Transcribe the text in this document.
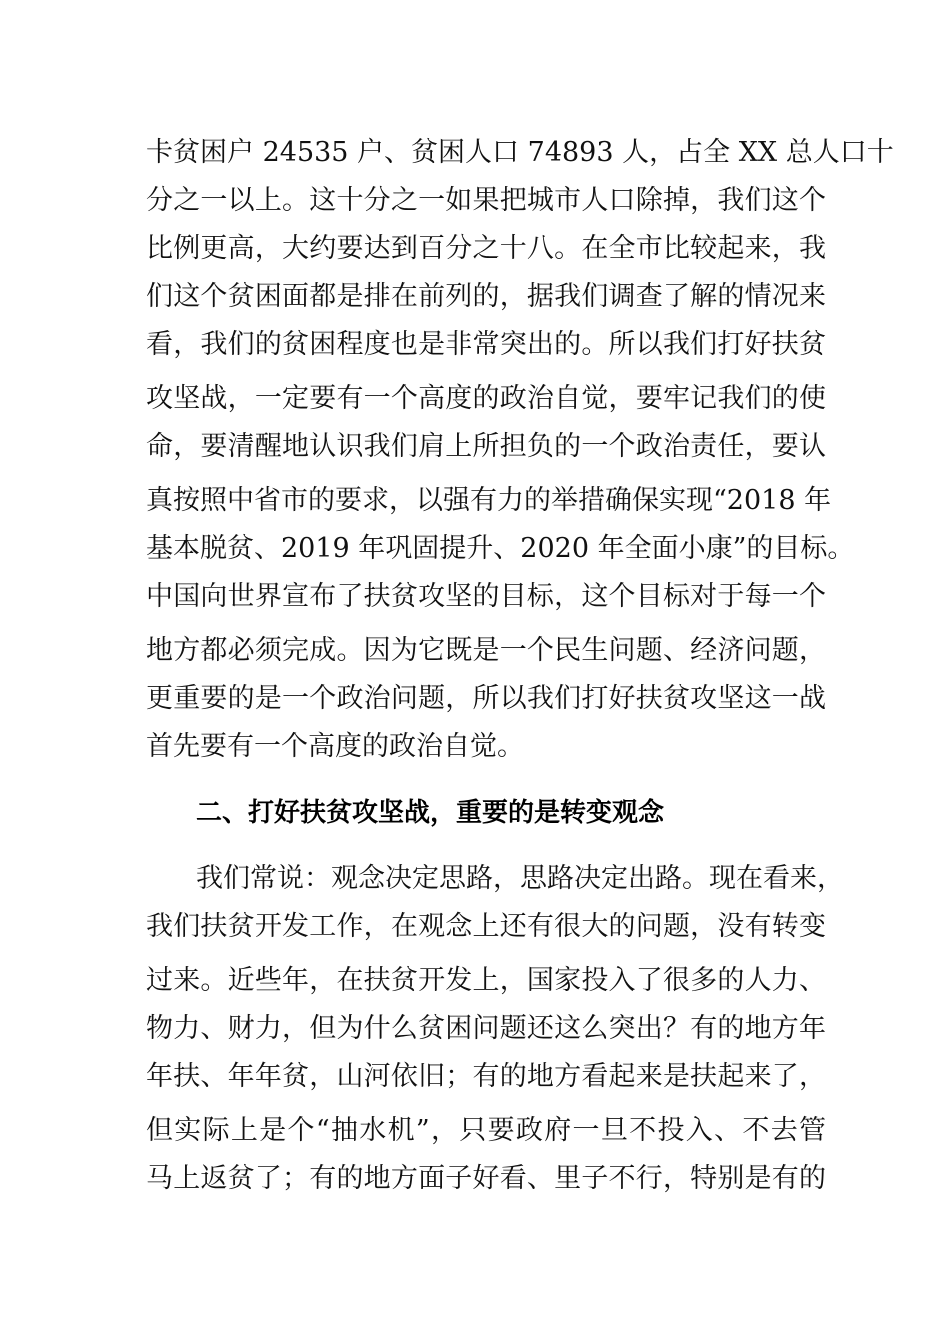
卡贫困户 24535 户、贫困人口 74893 人，占全 XX 总人口十
分之一以上。这十分之一如果把城市人口除掉，我们这个
比例更高，大约要达到百分之十八。在全市比较起来，我
们这个贫困面都是排在前列的，据我们调查了解的情况来
看，我们的贫困程度也是非常突出的。所以我们打好扶贫
攻坚战，一定要有一个高度的政治自觉，要牢记我们的使
命，要清醒地认识我们肩上所担负的一个政治责任，要认
真按照中省市的要求，以强有力的举措确保实现“2018 年
基本脱贫、2019 年巩固提升、2020 年全面小康”的目标。
中国向世界宣布了扶贫攻坚的目标，这个目标对于每一个
地方都必须完成。因为它既是一个民生问题、经济问题，
更重要的是一个政治问题，所以我们打好扶贫攻坚这一战
首先要有一个高度的政治自觉。
二、打好扶贫攻坚战，重要的是转变观念
我们常说：观念决定思路，思路决定出路。现在看来，
我们扶贫开发工作，在观念上还有很大的问题，没有转变
过来。近些年，在扶贫开发上，国家投入了很多的人力、
物力、财力，但为什么贫困问题还这么突出？有的地方年
年扶、年年贫，山河依旧；有的地方看起来是扶起来了，
但实际上是个“抽水机”，只要政府一旦不投入、不去管
马上返贫了；有的地方面子好看、里子不行，特别是有的
